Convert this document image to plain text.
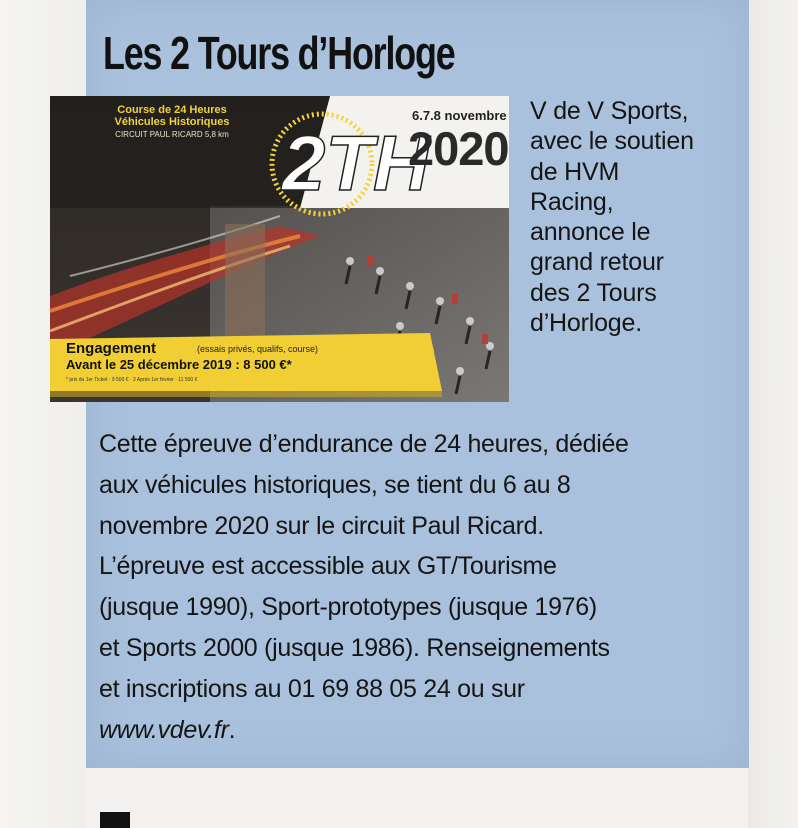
Les 2 Tours d’Horloge
Course de 24 Heures
Véhicules Historiques
CIRCUIT PAUL RICARD 5,8 km 2TH
6.7.8 novembre
2020
Engagement	(essais privés, qualifs, course)
Avant le 25 décembre 2019 : 8 500 €*
* prix du 1er Ticket · 9 500 € · 2 Après 1er février · 11 500 €
V de V Sports,
avec le soutien
de HVM
Racing,
annonce le
grand retour
des 2 Tours
d’Horloge.
Cette épreuve d’endurance de 24 heures, dédiée
aux véhicules historiques, se tient du 6 au 8
novembre 2020 sur le circuit Paul Ricard.
L’épreuve est accessible aux GT/Tourisme
(jusque 1990), Sport-prototypes (jusque 1976)
et Sports 2000 (jusque 1986). Renseignements
et inscriptions au 01 69 88 05 24 ou sur
www.vdev.fr.
